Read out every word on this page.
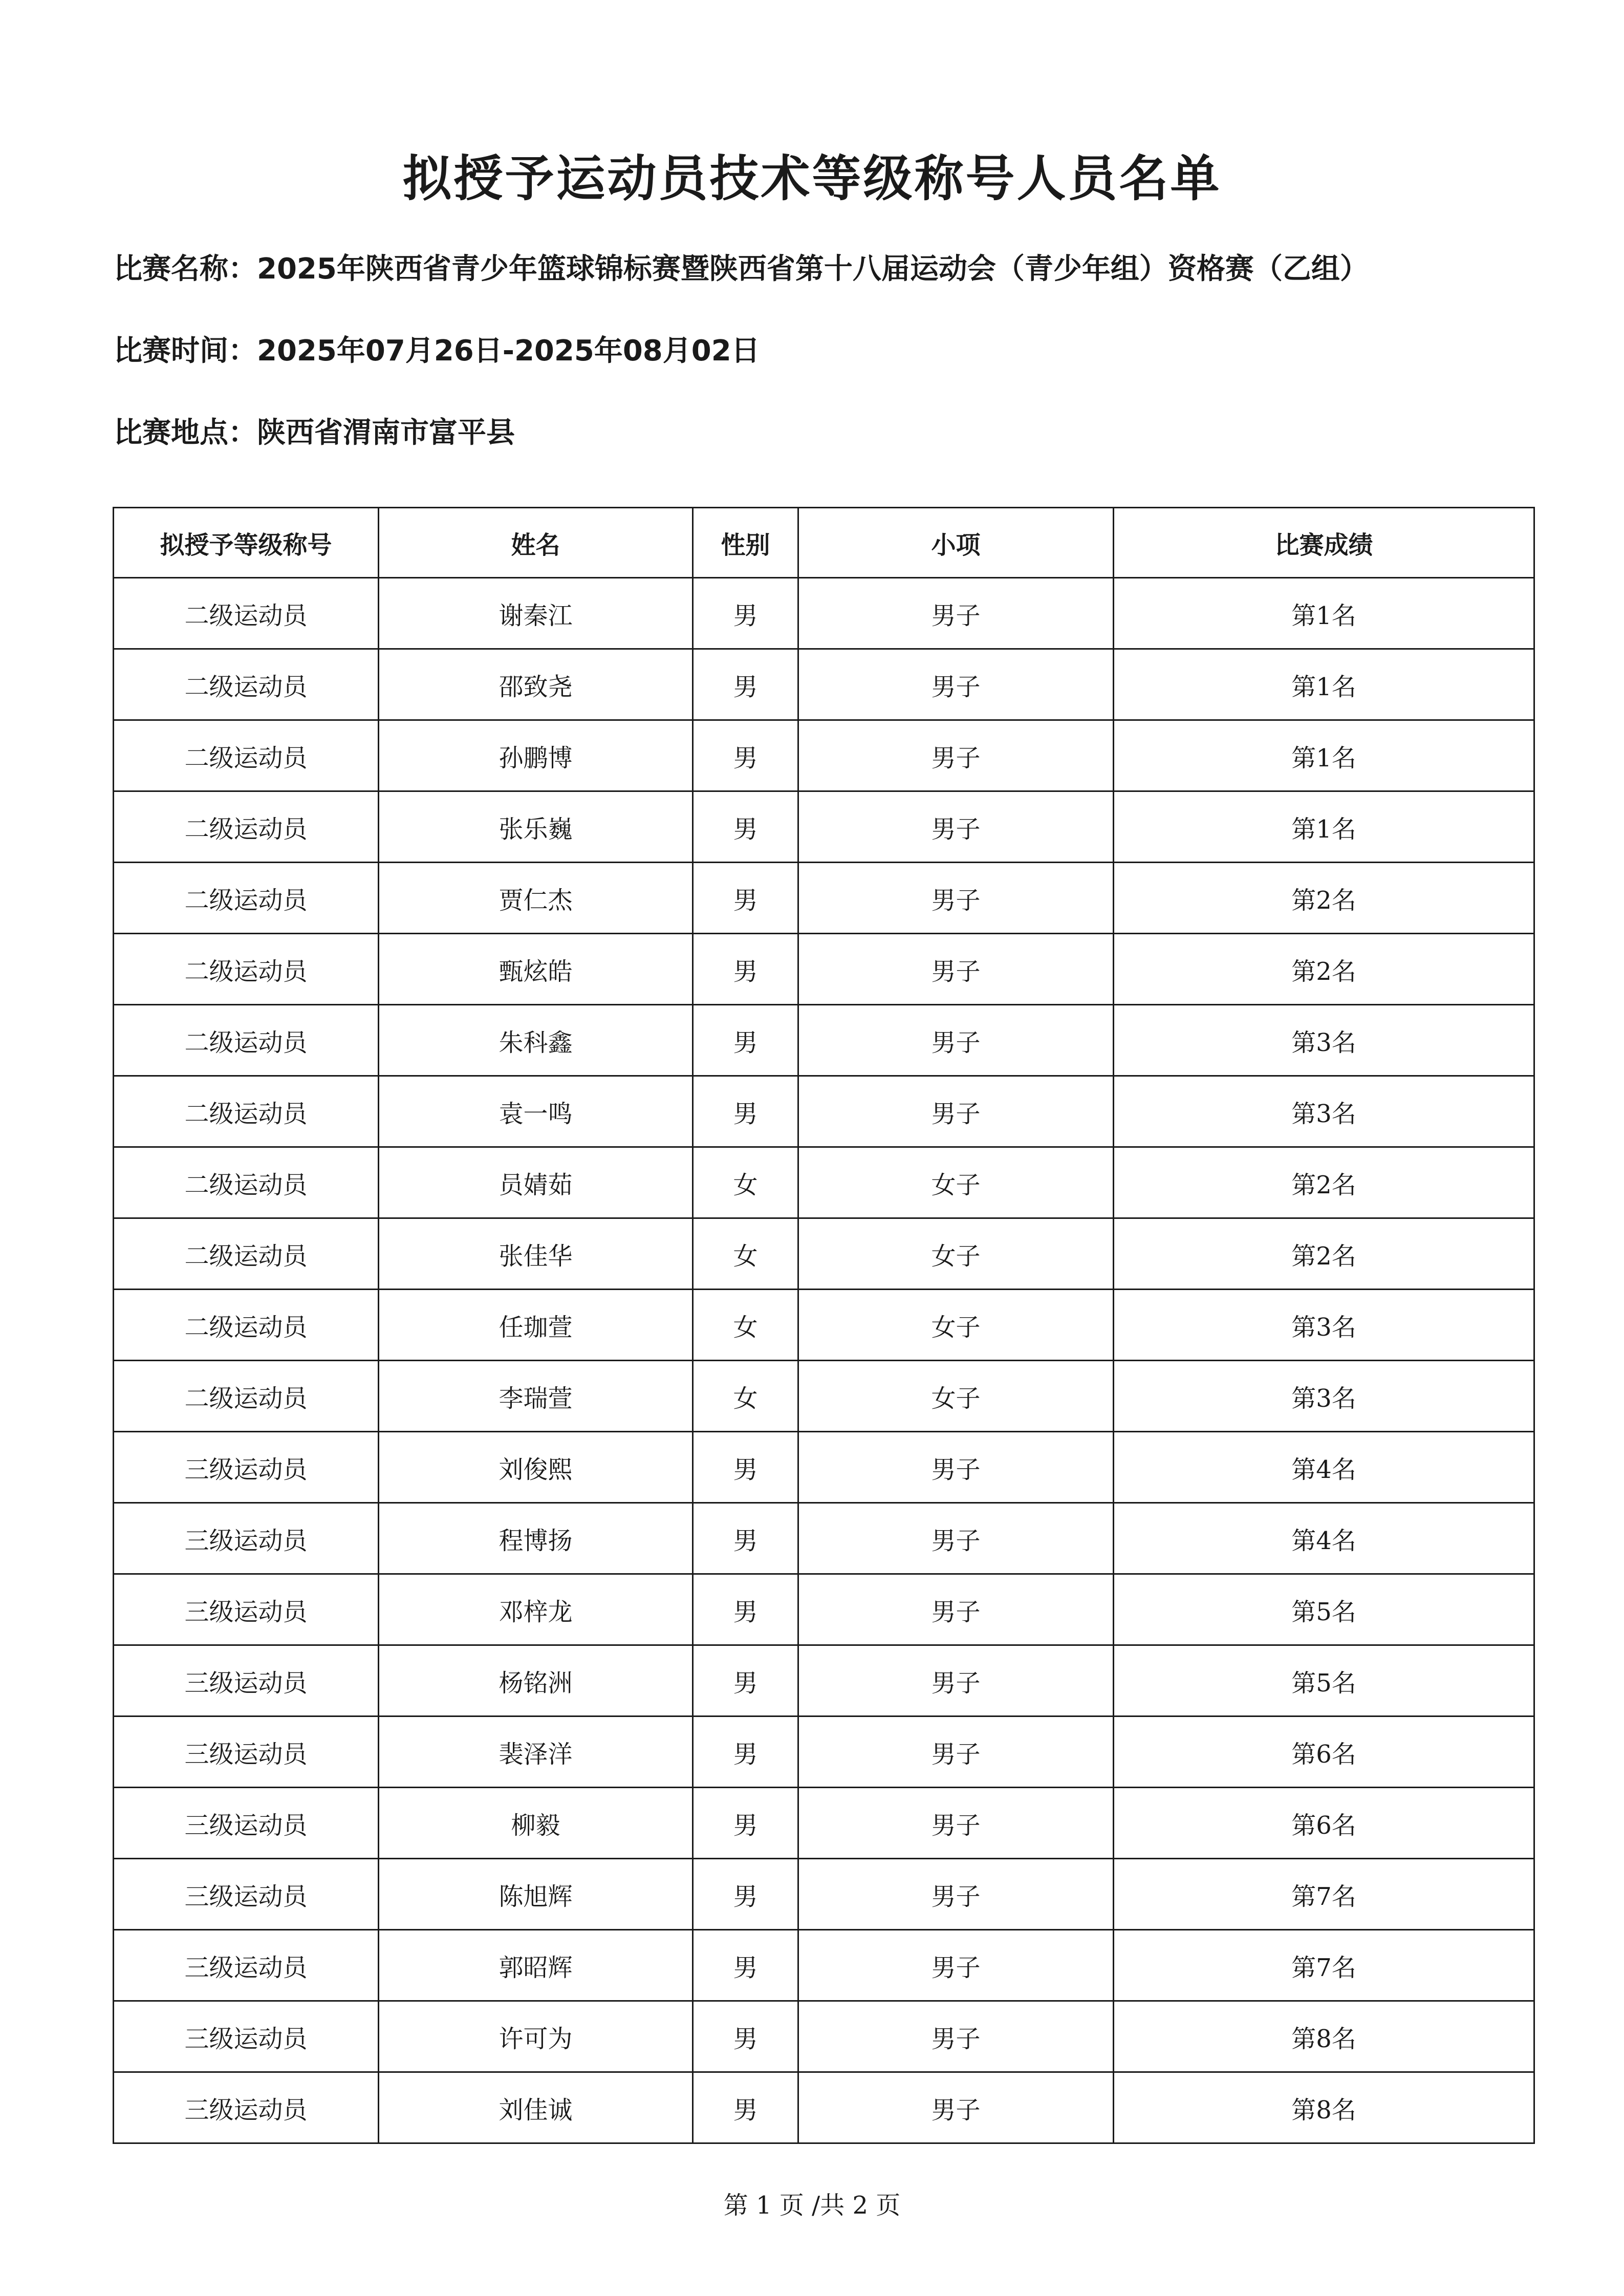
拟授予运动员技术等级称号人员名单
比赛名称：2025年陕西省青少年篮球锦标赛暨陕西省第十八届运动会（青少年组）资格赛（乙组）
比赛时间：2025年07月26日-2025年08月02日
比赛地点：陕西省渭南市富平县
拟授予等级称号	姓名	性别	小项	比赛成绩
二级运动员	谢秦江	男	男子	第1名
二级运动员	邵致尧	男	男子	第1名
二级运动员	孙鹏博	男	男子	第1名
二级运动员	张乐巍	男	男子	第1名
二级运动员	贾仁杰	男	男子	第2名
二级运动员	甄炫皓	男	男子	第2名
二级运动员	朱科鑫	男	男子	第3名
二级运动员	袁一鸣	男	男子	第3名
二级运动员	员婧茹	女	女子	第2名
二级运动员	张佳华	女	女子	第2名
二级运动员	任珈萱	女	女子	第3名
二级运动员	李瑞萱	女	女子	第3名
三级运动员	刘俊熙	男	男子	第4名
三级运动员	程博扬	男	男子	第4名
三级运动员	邓梓龙	男	男子	第5名
三级运动员	杨铭洲	男	男子	第5名
三级运动员	裴泽洋	男	男子	第6名
三级运动员	柳毅	男	男子	第6名
三级运动员	陈旭辉	男	男子	第7名
三级运动员	郭昭辉	男	男子	第7名
三级运动员	许可为	男	男子	第8名
三级运动员	刘佳诚	男	男子	第8名
第 1 页 /共 2 页
